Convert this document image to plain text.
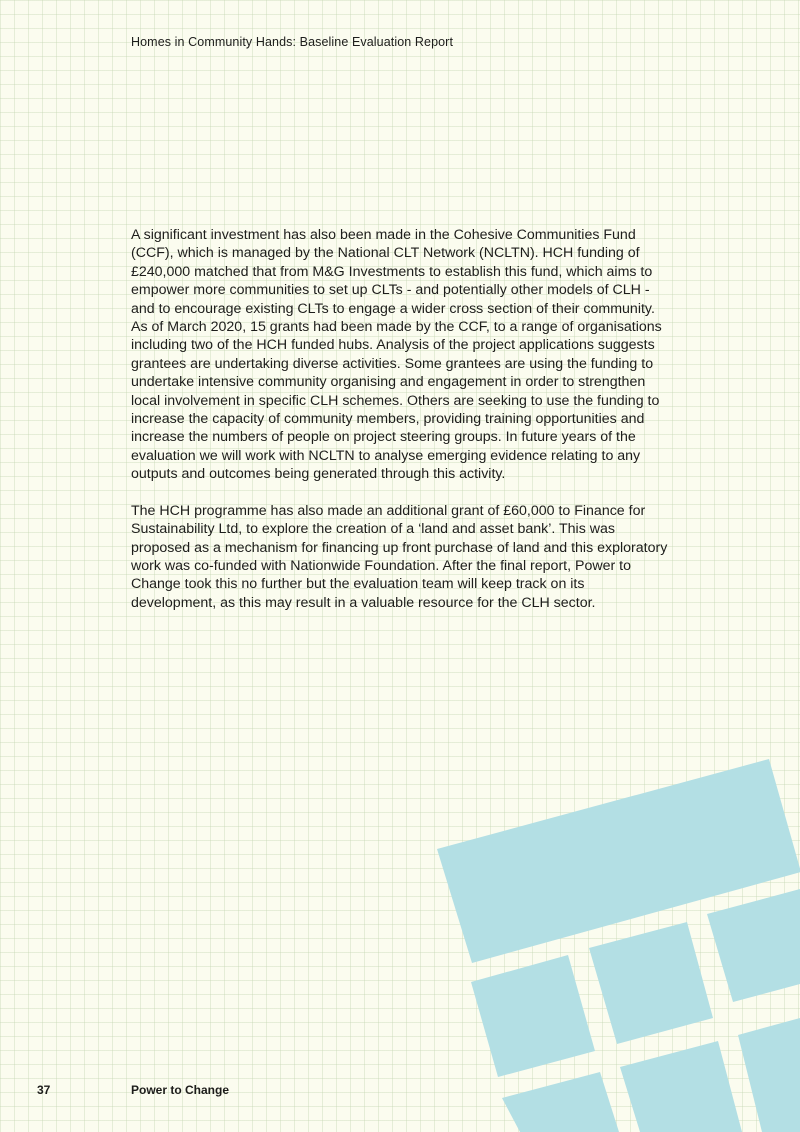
Homes in Community Hands: Baseline Evaluation Report

A significant investment has also been made in the Cohesive Communities Fund (CCF), which is managed by the National CLT Network (NCLTN). HCH funding of £240,000 matched that from M&G Investments to establish this fund, which aims to empower more communities to set up CLTs - and potentially other models of CLH - and to encourage existing CLTs to engage a wider cross section of their community. As of March 2020, 15 grants had been made by the CCF, to a range of organisations including two of the HCH funded hubs. Analysis of the project applications suggests grantees are undertaking diverse activities. Some grantees are using the funding to undertake intensive community organising and engagement in order to strengthen local involvement in specific CLH schemes. Others are seeking to use the funding to increase the capacity of community members, providing training opportunities and increase the numbers of people on project steering groups. In future years of the evaluation we will work with NCLTN to analyse emerging evidence relating to any outputs and outcomes being generated through this activity.

The HCH programme has also made an additional grant of £60,000 to Finance for Sustainability Ltd, to explore the creation of a ‘land and asset bank’. This was proposed as a mechanism for financing up front purchase of land and this exploratory work was co-funded with Nationwide Foundation. After the final report, Power to Change took this no further but the evaluation team will keep track on its development, as this may result in a valuable resource for the CLH sector.

37	Power to Change
